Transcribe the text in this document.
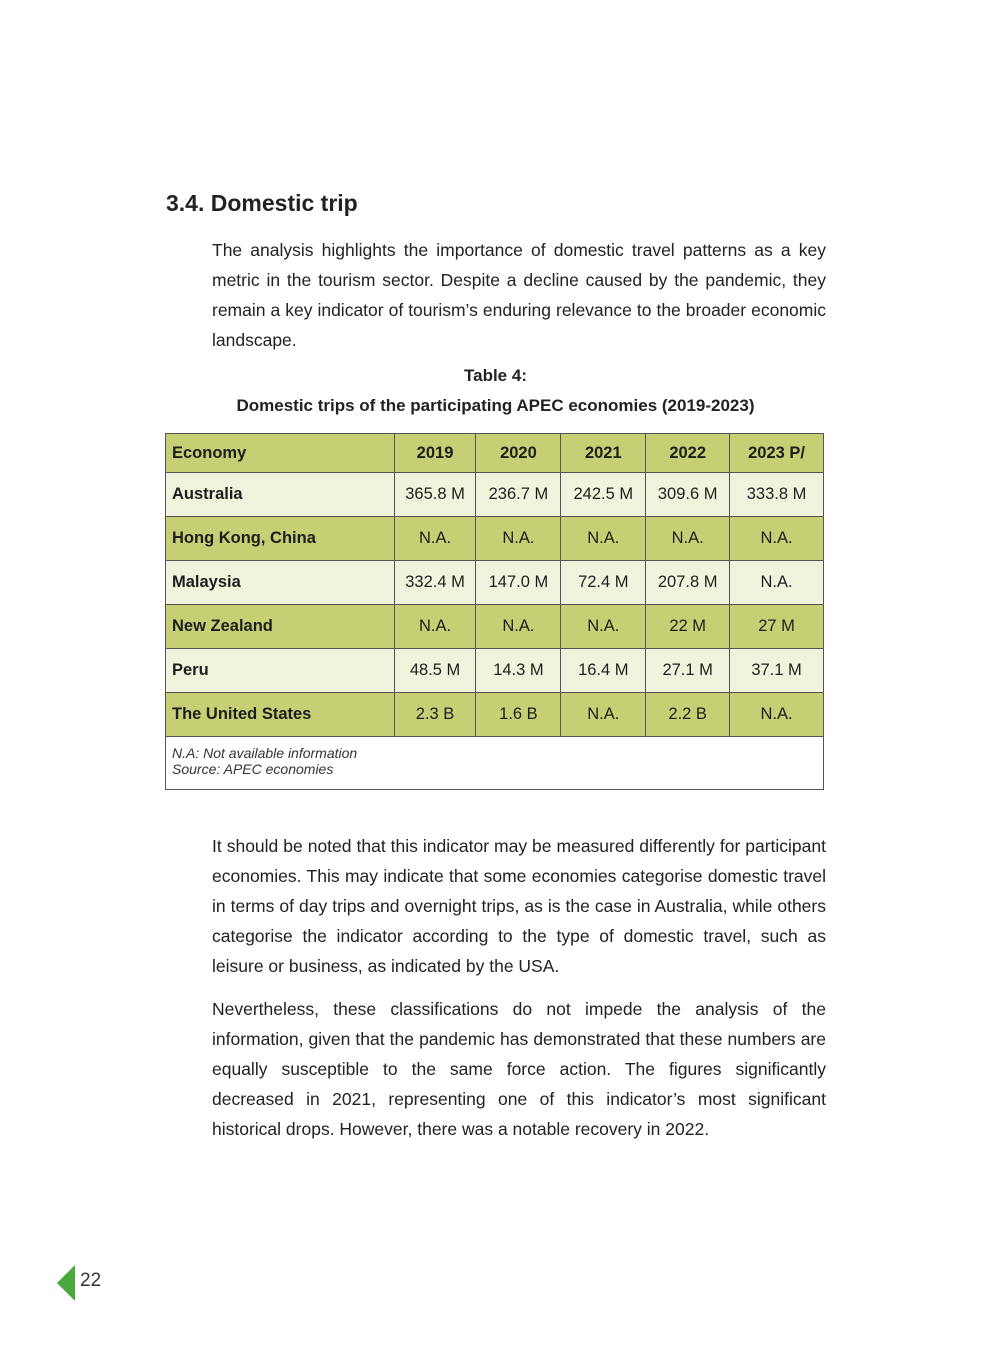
3.4. Domestic trip

The analysis highlights the importance of domestic travel patterns as a key metric in the tourism sector. Despite a decline caused by the pandemic, they remain a key indicator of tourism’s enduring relevance to the broader economic landscape.

Table 4:
Domestic trips of the participating APEC economies (2019-2023)
Economy	2019	2020	2021	2022	2023 P/
Australia	365.8 M	236.7 M	242.5 M	309.6 M	333.8 M
Hong Kong, China	N.A.	N.A.	N.A.	N.A.	N.A.
Malaysia	332.4 M	147.0 M	72.4 M	207.8 M	N.A.
New Zealand	N.A.	N.A.	N.A.	22 M	27 M
Peru	48.5 M	14.3 M	16.4 M	27.1 M	37.1 M
The United States	2.3 B	1.6 B	N.A.	2.2 B	N.A.

N.A: Not available information
Source: APEC economies					

It should be noted that this indicator may be measured differently for participant economies. This may indicate that some economies categorise domestic travel in terms of day trips and overnight trips, as is the case in Australia, while others categorise the indicator according to the type of domestic travel, such as leisure or business, as indicated by the USA.

Nevertheless, these classifications do not impede the analysis of the information, given that the pandemic has demonstrated that these numbers are equally susceptible to the same force action. The figures significantly decreased in 2021, representing one of this indicator’s most significant historical drops. However, there was a notable recovery in 2022.

22
